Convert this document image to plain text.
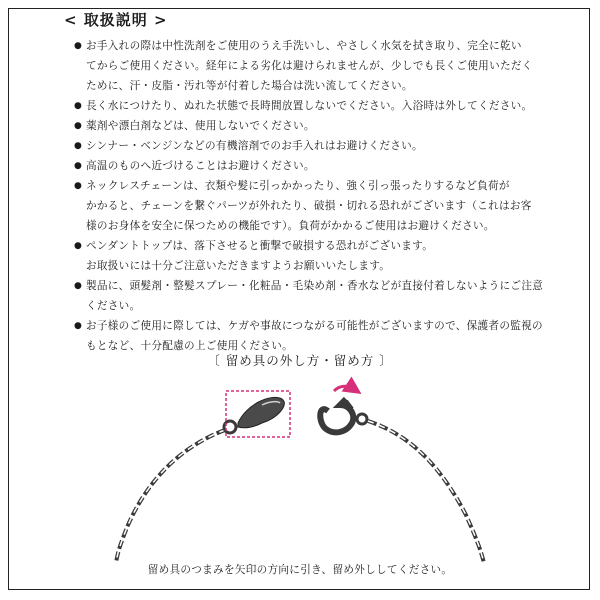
< 取扱説明 >
● お手入れの際は中性洗剤をご使用のうえ手洗いし、やさしく水気を拭き取り、完全に乾い
てからご使用ください。経年による劣化は避けられませんが、少しでも長くご使用いただく
ために、汗・皮脂・汚れ等が付着した場合は洗い流してください。
● 長く水につけたり、ぬれた状態で長時間放置しないでください。入浴時は外してください。
● 薬剤や漂白剤などは、使用しないでください。
● シンナー・ベンジンなどの有機溶剤でのお手入れはお避けください。
● 高温のものへ近づけることはお避けください。
● ネックレスチェーンは、衣類や髪に引っかかったり、強く引っ張ったりするなど負荷が
かかると、チェーンを繋ぐパーツが外れたり、破損・切れる恐れがございます（これはお客
様のお身体を安全に保つための機能です）。負荷がかかるご使用はお避けください。
● ペンダントトップは、落下させると衝撃で破損する恐れがございます。
お取扱いには十分ご注意いただきますようお願いいたします。
● 製品に、頭髪剤・整髪スプレー・化粧品・毛染め剤・香水などが直接付着しないようにご注意
ください。
● お子様のご使用に際しては、ケガや事故につながる可能性がございますので、保護者の監視の
もとなど、十分配慮の上ご使用ください。
〔 留め具の外し方・留め方 〕
留め具のつまみを矢印の方向に引き、留め外ししてください。
